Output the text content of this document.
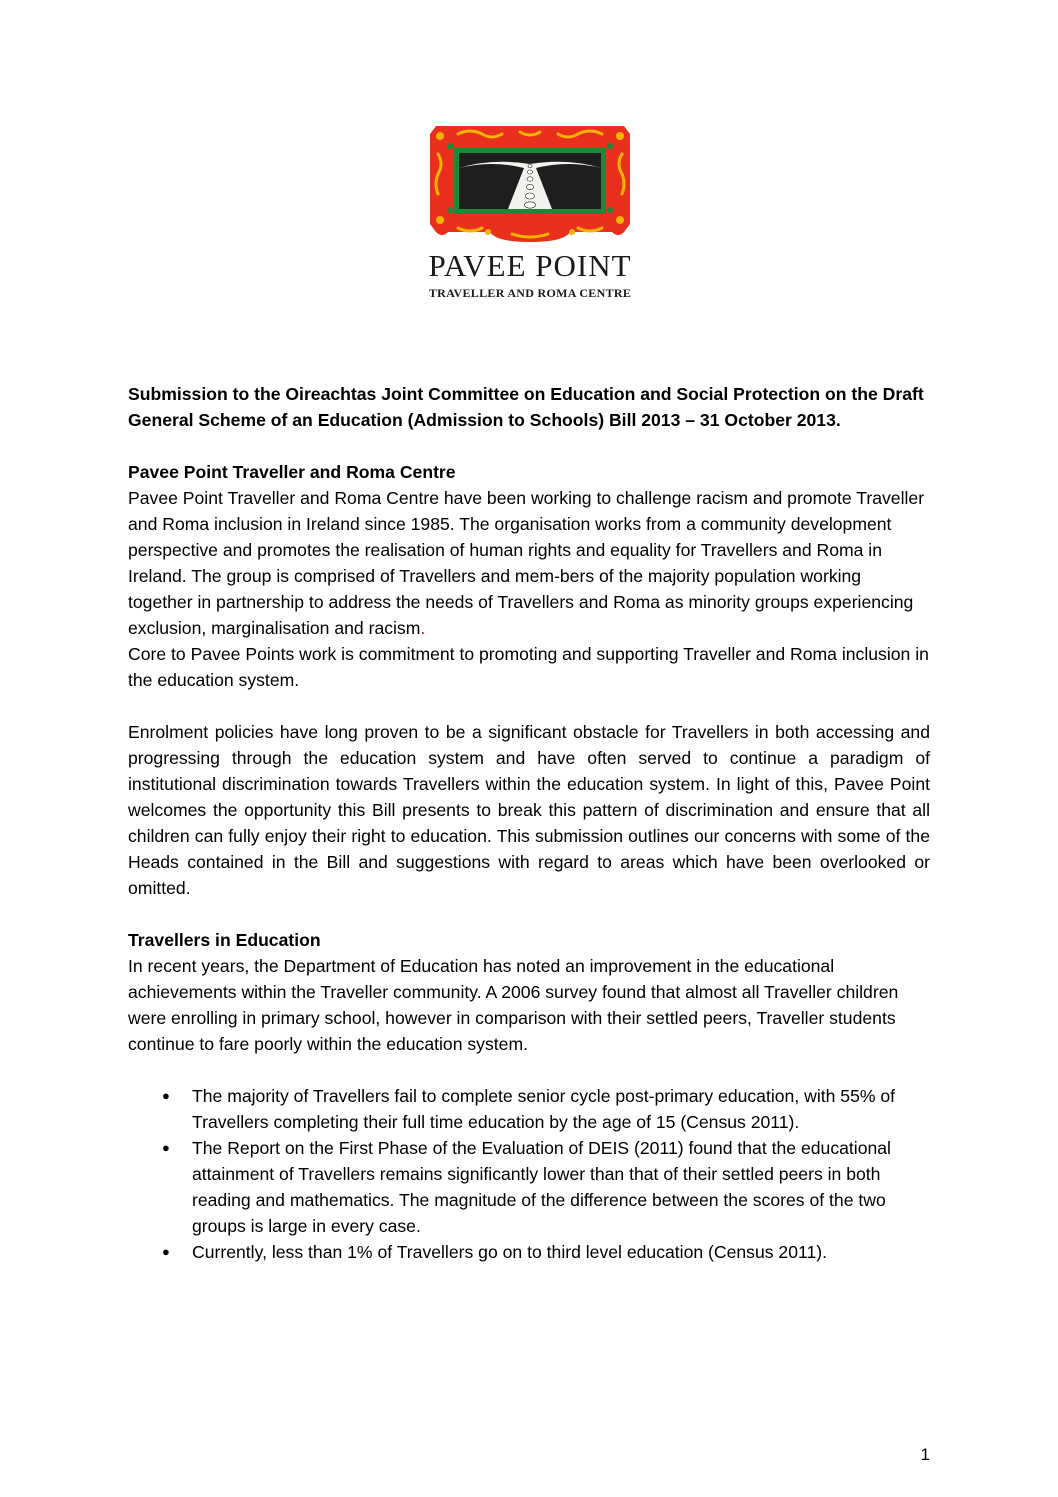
PAVEE POINT
TRAVELLER AND ROMA CENTRE

Submission to the Oireachtas Joint Committee on Education and Social Protection on the Draft General Scheme of an Education (Admission to Schools) Bill 2013 – 31 October 2013.

Pavee Point Traveller and Roma Centre

Pavee Point Traveller and Roma Centre have been working to challenge racism and promote Traveller and Roma inclusion in Ireland since 1985. The organisation works from a community development perspective and promotes the realisation of human rights and equality for Travellers and Roma in Ireland. The group is comprised of Travellers and mem-bers of the majority population working together in partnership to address the needs of Travellers and Roma as minority groups experiencing exclusion, marginalisation and racism.
Core to Pavee Points work is commitment to promoting and supporting Traveller and Roma inclusion in the education system.

Enrolment policies have long proven to be a significant obstacle for Travellers in both accessing and progressing through the education system and have often served to continue a paradigm of institutional discrimination towards Travellers within the education system. In light of this, Pavee Point welcomes the opportunity this Bill presents to break this pattern of discrimination and ensure that all children can fully enjoy their right to education. This submission outlines our concerns with some of the Heads contained in the Bill and suggestions with regard to areas which have been overlooked or omitted.

Travellers in Education

In recent years, the Department of Education has noted an improvement in the educational achievements within the Traveller community. A 2006 survey found that almost all Traveller children were enrolling in primary school, however in comparison with their settled peers, Traveller students continue to fare poorly within the education system.

● The majority of Travellers fail to complete senior cycle post-primary education, with 55% of Travellers completing their full time education by the age of 15 (Census 2011).
● The Report on the First Phase of the Evaluation of DEIS (2011) found that the educational attainment of Travellers remains significantly lower than that of their settled peers in both reading and mathematics. The magnitude of the difference between the scores of the two groups is large in every case.
● Currently, less than 1% of Travellers go on to third level education (Census 2011).
1
